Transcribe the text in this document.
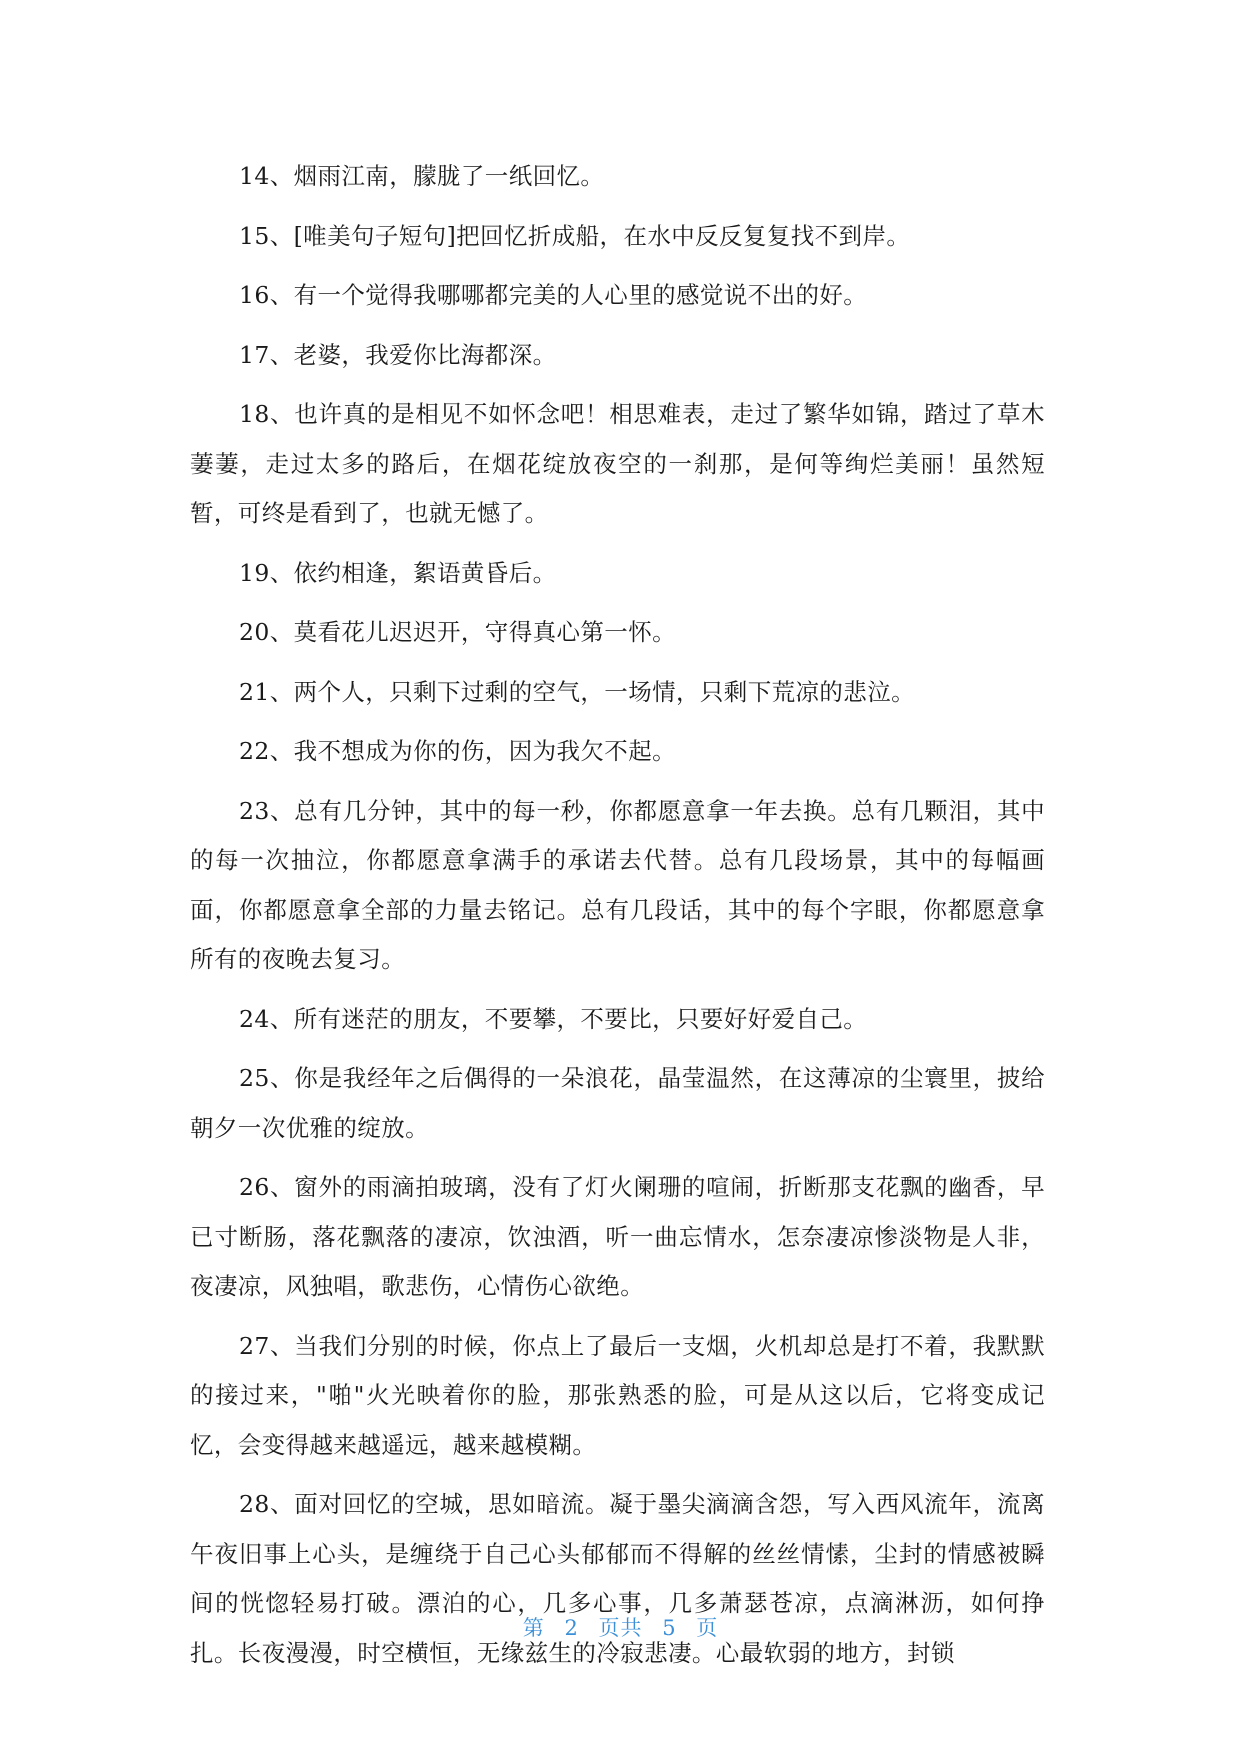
14、烟雨江南，朦胧了一纸回忆。

15、[唯美句子短句]把回忆折成船，在水中反反复复找不到岸。

16、有一个觉得我哪哪都完美的人心里的感觉说不出的好。

17、老婆，我爱你比海都深。

18、也许真的是相见不如怀念吧！相思难表，走过了繁华如锦，踏过了草木萋萋，走过太多的路后，在烟花绽放夜空的一刹那，是何等绚烂美丽！虽然短暂，可终是看到了，也就无憾了。

19、依约相逢，絮语黄昏后。

20、莫看花儿迟迟开，守得真心第一怀。

21、两个人，只剩下过剩的空气，一场情，只剩下荒凉的悲泣。

22、我不想成为你的伤，因为我欠不起。

23、总有几分钟，其中的每一秒，你都愿意拿一年去换。总有几颗泪，其中的每一次抽泣，你都愿意拿满手的承诺去代替。总有几段场景，其中的每幅画面，你都愿意拿全部的力量去铭记。总有几段话，其中的每个字眼，你都愿意拿所有的夜晚去复习。

24、所有迷茫的朋友，不要攀，不要比，只要好好爱自己。

25、你是我经年之后偶得的一朵浪花，晶莹温然，在这薄凉的尘寰里，披给朝夕一次优雅的绽放。

26、窗外的雨滴拍玻璃，没有了灯火阑珊的喧闹，折断那支花飘的幽香，早已寸断肠，落花飘落的凄凉，饮浊酒，听一曲忘情水，怎奈凄凉惨淡物是人非，夜凄凉，风独唱，歌悲伤，心情伤心欲绝。

27、当我们分别的时候，你点上了最后一支烟，火机却总是打不着，我默默的接过来，"啪"火光映着你的脸，那张熟悉的脸，可是从这以后，它将变成记忆，会变得越来越遥远，越来越模糊。

28、面对回忆的空城，思如暗流。凝于墨尖滴滴含怨，写入西风流年，流离午夜旧事上心头，是缠绕于自己心头郁郁而不得解的丝丝情愫，尘封的情感被瞬间的恍惚轻易打破。漂泊的心，几多心事，几多萧瑟苍凉，点滴淋沥，如何挣扎。长夜漫漫，时空横恒，无缘兹生的冷寂悲凄。心最软弱的地方，封锁

第 2 页共 5 页
